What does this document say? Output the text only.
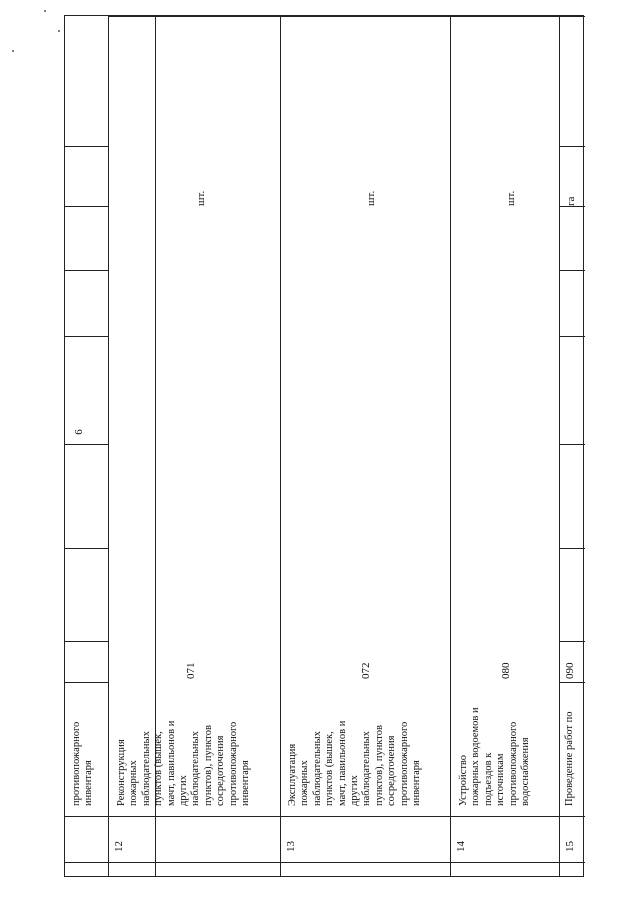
6
противопожарного
инвентаря
12
Реконструкция
пожарных
наблюдательных
пунктов (вышек,
мачт, павильонов и
других
наблюдательных
пунктов), пунктов
сосредоточения
противопожарного
инвентаря
071
шт.
13
Эксплуатация
пожарных
наблюдательных
пунктов (вышек,
мачт, павильонов и
других
наблюдательных
пунктов), пунктов
сосредоточения
противопожарного
инвентаря
072
шт.
14
Устройство
пожарных водоемов и
подъездов к
источникам
противопожарного
водоснабжения
080
шт.
15
Проведение работ по
090
га
